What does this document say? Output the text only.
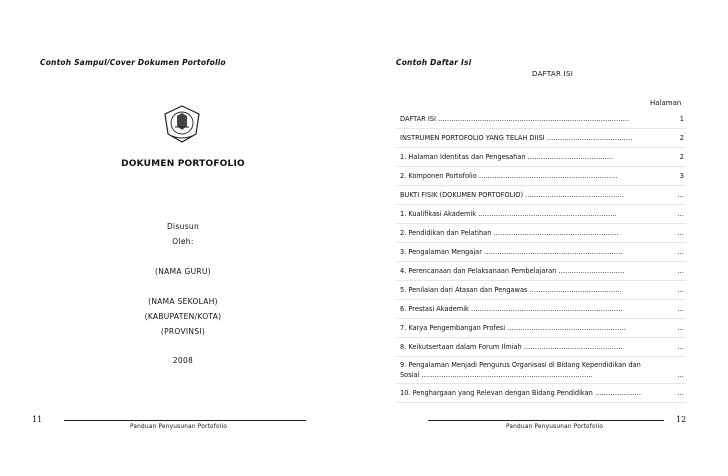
Contoh Sampul/Cover Dokumen Portofolio
DOKUMEN PORTOFOLIO
Disusun
Oleh:
(NAMA GURU)
(NAMA SEKOLAH)
(KABUPATEN/KOTA)
(PROVINSI)
2008
11
Panduan Penyusunan Portofolio
Contoh Daftar Isi
DAFTAR ISI
Halaman
DAFTAR ISI ……………………………………………………………………………	1
INSTRUMEN PORTOFOLIO YANG TELAH DIISI …………………………………	2
1. Halaman Identitas dan Pengesahan …………………………………	2
2. Komponen Portofolio ………………………………………………………	3
BUKTI FISIK (DOKUMEN PORTOFOLIO) ………………………………………	…
1. Kualifikasi Akademik ………………………………………………………	…
2. Pendidikan dan Pelatihan …………………………………………………	…
3. Pengalaman Mengajar ………………………………………………………	…
4. Perencanaan dan Pelaksanaan Pembelajaran …………………………	…
5. Penilaian dari Atasan dan Pengawas ……………………………………	…
6. Prestasi Akademik ……………………………………………………………	…
7. Karya Pengembangan Profesi ………………………………………………	…
8. Keikutsertaan dalam Forum Ilmiah ………………………………………	…
9. Pengalaman Menjadi Pengurus Organisasi di Bidang Kependidikan dan Sosial ……………………………………………………………………	…
10. Penghargaan yang Relevan dengan Bidang Pendidikan …………………	…
12
Panduan Penyusunan Portofolio
